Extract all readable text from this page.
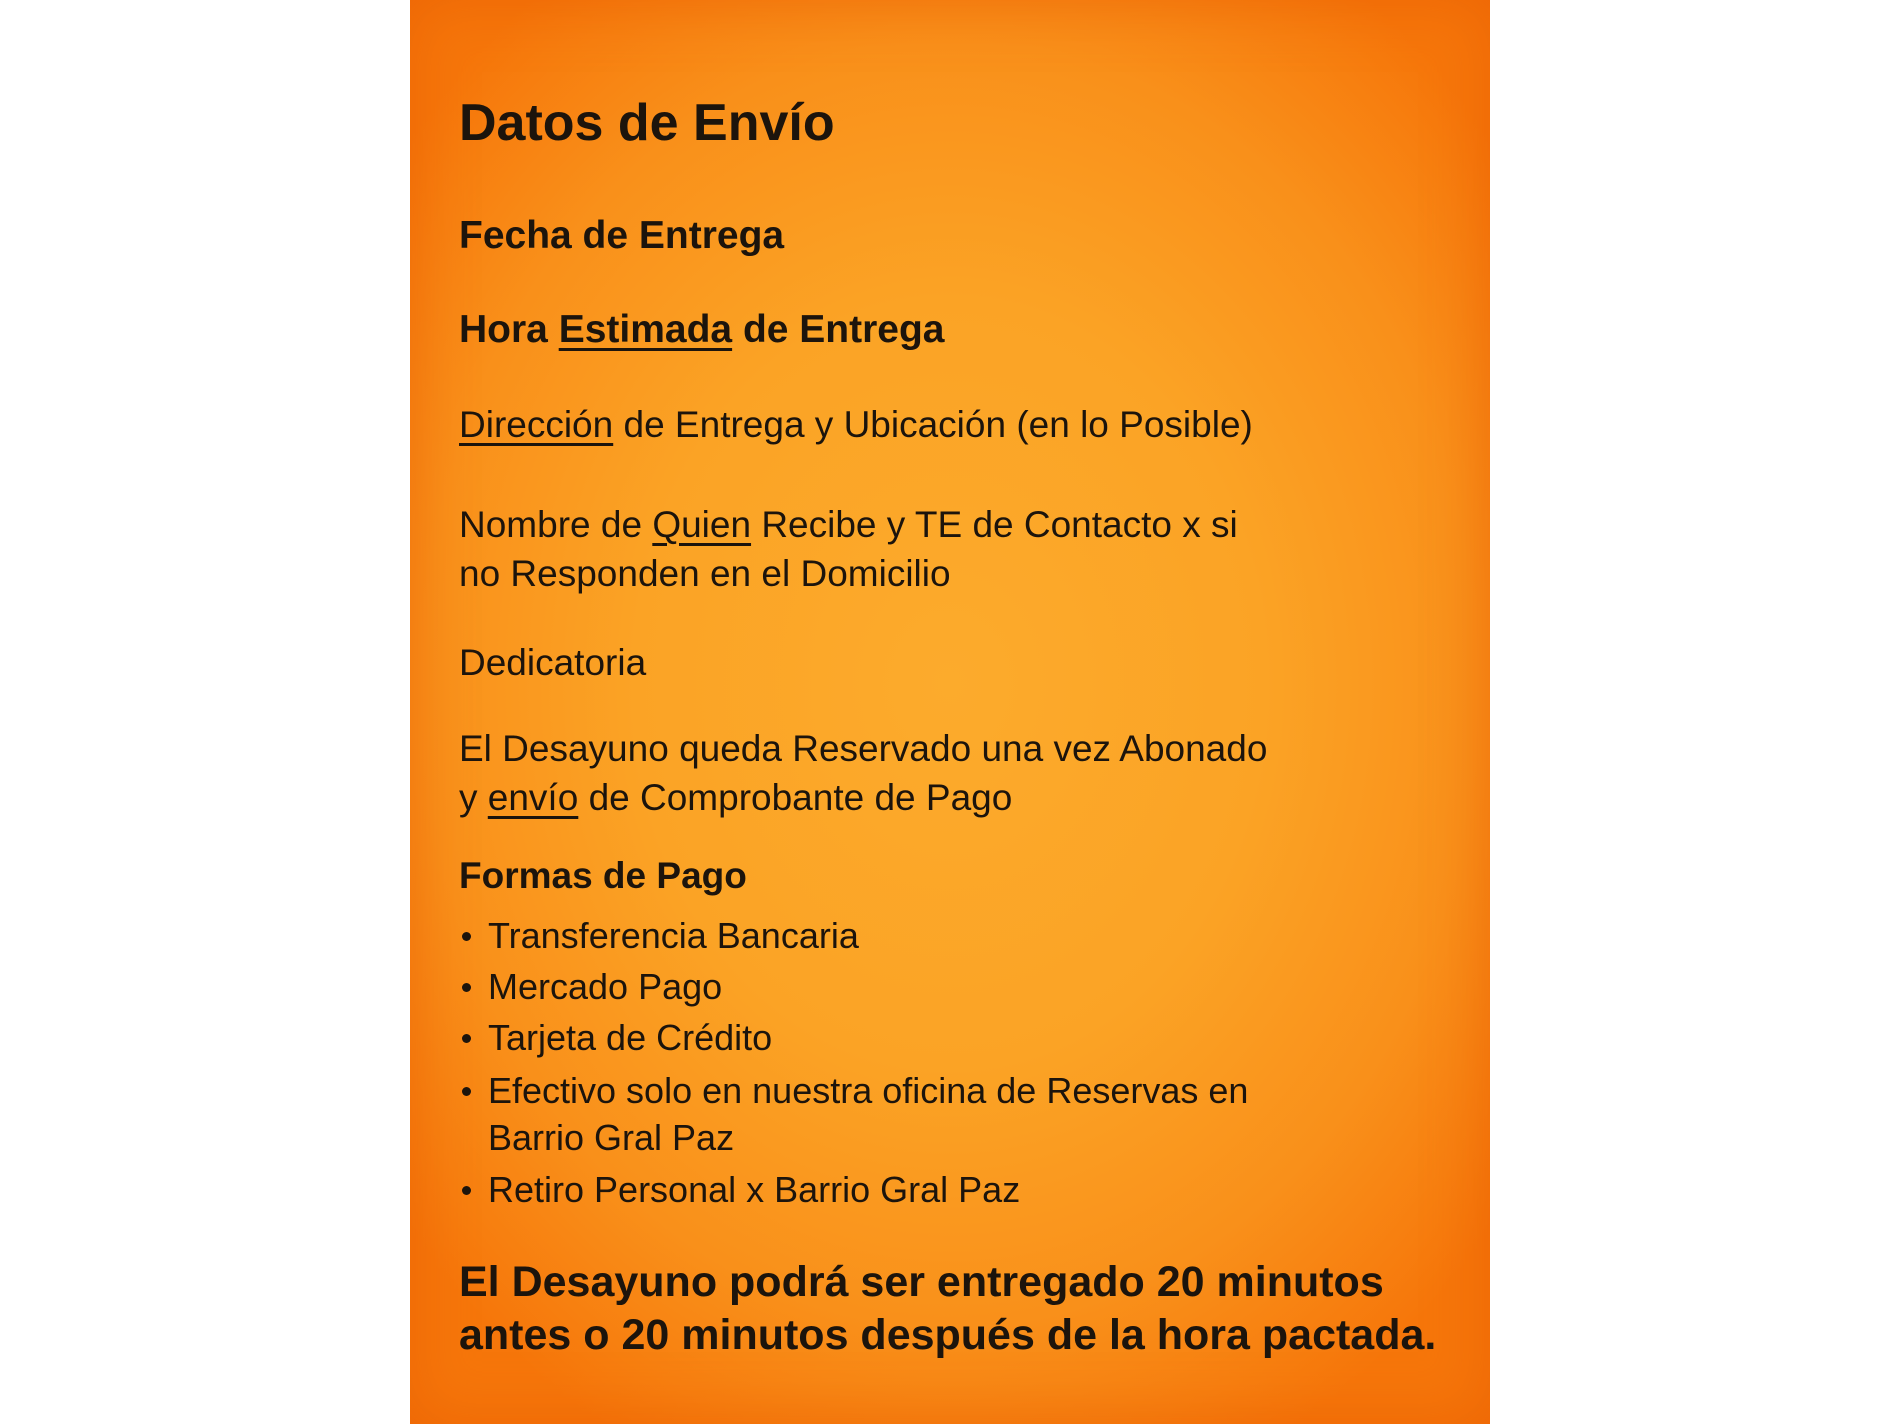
Datos de Envío

Fecha de Entrega

Hora Estimada de Entrega

Dirección de Entrega y Ubicación (en lo Posible)

Nombre de Quien Recibe y TE de Contacto x si

no Responden en el Domicilio

Dedicatoria

El Desayuno queda Reservado una vez Abonado

y envío de Comprobante de Pago

Formas de Pago

Transferencia Bancaria
Mercado Pago
Tarjeta de Crédito
Efectivo solo en nuestra oficina de Reservas en
Barrio Gral Paz
Retiro Personal x Barrio Gral Paz
El Desayuno podrá ser entregado 20 minutos
antes o 20 minutos después de la hora pactada.
